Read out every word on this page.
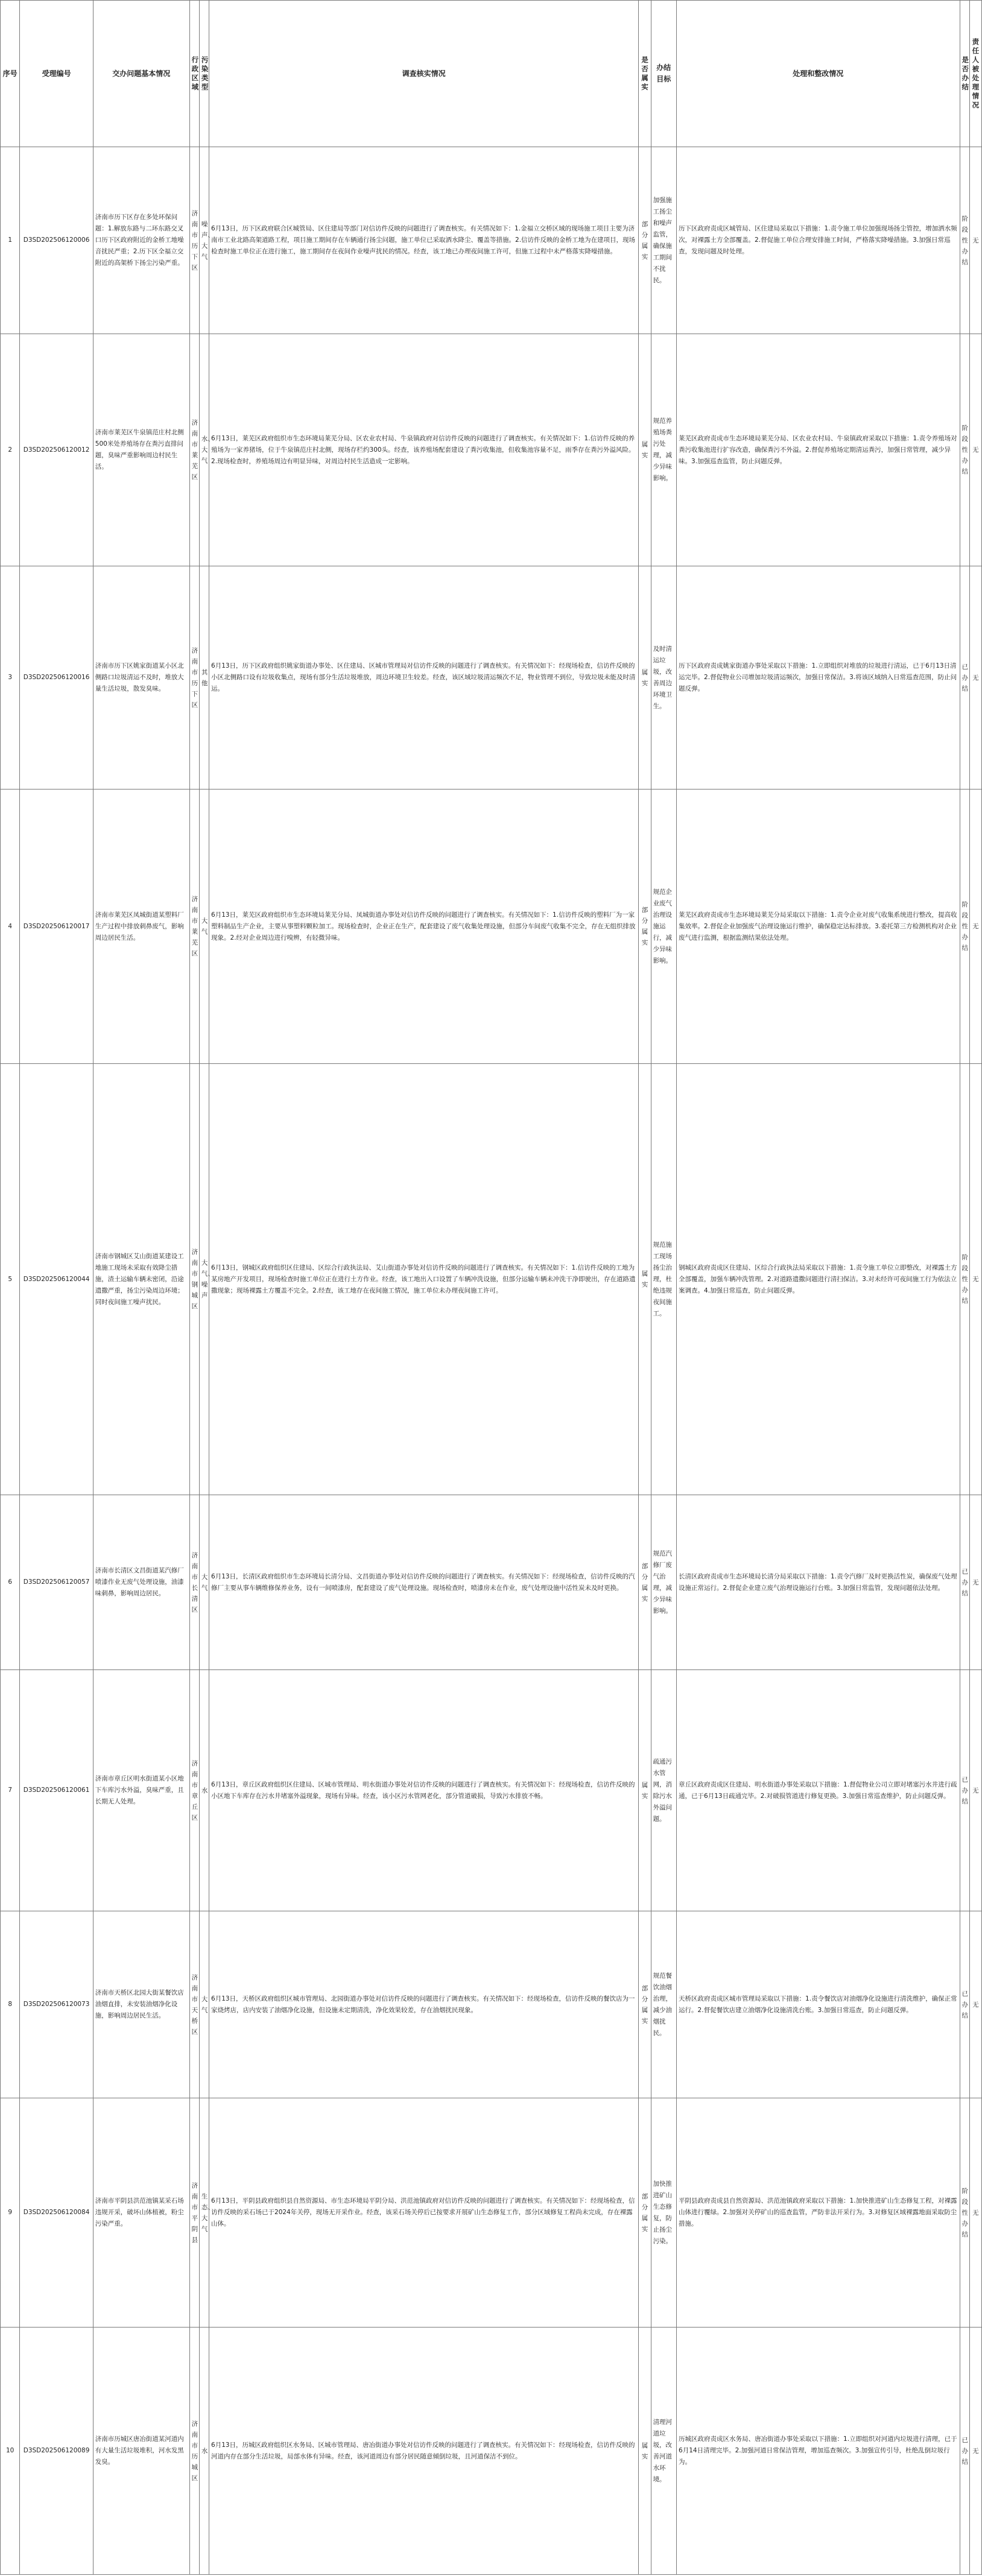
序号	受理编号	交办问题基本情况	行政区域	污染类型	调查核实情况	是否属实	办结目标	处理和整改情况	是否办结	责任人被处理情况
1	D3SD202506120006	济南市历下区存在多处环保问题：1.解放东路与二环东路交叉口历下区政府附近的金桥工地噪音扰民严重；2.历下区全福立交附近的高架桥下扬尘污染严重。	济南市历下区	噪声、大气	6月13日，历下区政府联合区城管局、区住建局等部门对信访件反映的问题进行了调查核实。有关情况如下：1.金福立交桥区域的现场施工项目主要为济南市工业北路高架道路工程，项目施工期间存在车辆通行扬尘问题，施工单位已采取洒水降尘、覆盖等措施。2.信访件反映的金桥工地为在建项目，现场检查时施工单位正在进行施工，施工期间存在夜间作业噪声扰民的情况。经查，该工地已办理夜间施工许可，但施工过程中未严格落实降噪措施。	部分属实	加强施工扬尘和噪声监管，确保施工期间不扰民。	历下区政府责成区城管局、区住建局采取以下措施：1.责令施工单位加强现场扬尘管控，增加洒水频次，对裸露土方全部覆盖。2.督促施工单位合理安排施工时间，严格落实降噪措施。3.加强日常巡查，发现问题及时处理。	阶段性办结	无
2	D3SD202506120012	济南市莱芜区牛泉镇范庄村北侧500米处养殖场存在粪污直排问题，臭味严重影响周边村民生活。	济南市莱芜区	水、大气	6月13日，莱芜区政府组织市生态环境局莱芜分局、区农业农村局、牛泉镇政府对信访件反映的问题进行了调查核实。有关情况如下：1.信访件反映的养殖场为一家养猪场，位于牛泉镇范庄村北侧，现场存栏约300头。经查，该养殖场配套建设了粪污收集池，但收集池容量不足，雨季存在粪污外溢风险。2.现场检查时，养殖场周边有明显异味，对周边村民生活造成一定影响。	属实	规范养殖场粪污处理，减少异味影响。	莱芜区政府责成市生态环境局莱芜分局、区农业农村局、牛泉镇政府采取以下措施：1.责令养殖场对粪污收集池进行扩容改造，确保粪污不外溢。2.督促养殖场定期清运粪污，加强日常管理，减少异味。3.加强巡查监管，防止问题反弹。	阶段性办结	无
3	D3SD202506120016	济南市历下区姚家街道某小区北侧路口垃圾清运不及时，堆放大量生活垃圾，散发臭味。	济南市历下区	其他	6月13日，历下区政府组织姚家街道办事处、区住建局、区城市管理局对信访件反映的问题进行了调查核实。有关情况如下：经现场检查，信访件反映的小区北侧路口设有垃圾收集点，现场有部分生活垃圾堆放，周边环境卫生较差。经查，该区域垃圾清运频次不足，物业管理不到位，导致垃圾未能及时清运。	属实	及时清运垃圾，改善周边环境卫生。	历下区政府责成姚家街道办事处采取以下措施：1.立即组织对堆放的垃圾进行清运，已于6月13日清运完毕。2.督促物业公司增加垃圾清运频次，加强日常保洁。3.将该区域纳入日常巡查范围，防止问题反弹。	已办结	无
4	D3SD202506120017	济南市莱芜区凤城街道某塑料厂生产过程中排放刺鼻废气，影响周边居民生活。	济南市莱芜区	大气	6月13日，莱芜区政府组织市生态环境局莱芜分局、凤城街道办事处对信访件反映的问题进行了调查核实。有关情况如下：1.信访件反映的塑料厂为一家塑料制品生产企业，主要从事塑料颗粒加工。现场检查时，企业正在生产，配套建设了废气收集处理设施，但部分车间废气收集不完全，存在无组织排放现象。2.经对企业周边进行嗅辨，有轻微异味。	部分属实	规范企业废气治理设施运行，减少异味影响。	莱芜区政府责成市生态环境局莱芜分局采取以下措施：1.责令企业对废气收集系统进行整改，提高收集效率。2.督促企业加强废气治理设施运行维护，确保稳定达标排放。3.委托第三方检测机构对企业废气进行监测，根据监测结果依法处理。	阶段性办结	无
5	D3SD202506120044	济南市钢城区艾山街道某建设工地施工现场未采取有效降尘措施，渣土运输车辆未密闭，沿途遗撒严重，扬尘污染周边环境；同时夜间施工噪声扰民。	济南市钢城区	大气、噪声	6月13日，钢城区政府组织区住建局、区综合行政执法局、艾山街道办事处对信访件反映的问题进行了调查核实。有关情况如下：1.信访件反映的工地为某房地产开发项目，现场检查时施工单位正在进行土方作业。经查，该工地出入口设置了车辆冲洗设施，但部分运输车辆未冲洗干净即驶出，存在道路遗撒现象；现场裸露土方覆盖不完全。2.经查，该工地存在夜间施工情况，施工单位未办理夜间施工许可。	属实	规范施工现场扬尘治理，杜绝违规夜间施工。	钢城区政府责成区住建局、区综合行政执法局采取以下措施：1.责令施工单位立即整改，对裸露土方全部覆盖，加强车辆冲洗管理。2.对道路遗撒问题进行清扫保洁。3.对未经许可夜间施工行为依法立案调查。4.加强日常巡查，防止问题反弹。	阶段性办结	无
6	D3SD202506120057	济南市长清区文昌街道某汽修厂喷漆作业无废气处理设施，油漆味刺鼻，影响周边居民。	济南市长清区	大气	6月13日，长清区政府组织市生态环境局长清分局、文昌街道办事处对信访件反映的问题进行了调查核实。有关情况如下：经现场检查，信访件反映的汽修厂主要从事车辆维修保养业务，设有一间喷漆房，配套建设了废气处理设施。现场检查时，喷漆房未在作业，废气处理设施中活性炭未及时更换。	部分属实	规范汽修厂废气治理，减少异味影响。	长清区政府责成市生态环境局长清分局采取以下措施：1.责令汽修厂及时更换活性炭，确保废气处理设施正常运行。2.督促企业建立废气治理设施运行台账。3.加强日常监管，发现问题依法处理。	已办结	无
7	D3SD202506120061	济南市章丘区明水街道某小区地下车库污水外溢，臭味严重，且长期无人处理。	济南市章丘区	水	6月13日，章丘区政府组织区住建局、区城市管理局、明水街道办事处对信访件反映的问题进行了调查核实。有关情况如下：经现场检查，信访件反映的小区地下车库存在污水井堵塞外溢现象，现场有异味。经查，该小区污水管网老化，部分管道破损，导致污水排放不畅。	属实	疏通污水管网，消除污水外溢问题。	章丘区政府责成区住建局、明水街道办事处采取以下措施：1.督促物业公司立即对堵塞污水井进行疏通，已于6月13日疏通完毕。2.对破损管道进行修复更换。3.加强日常巡查维护，防止问题反弹。	已办结	无
8	D3SD202506120073	济南市天桥区北园大街某餐饮店油烟直排，未安装油烟净化设施，影响周边居民生活。	济南市天桥区	大气	6月13日，天桥区政府组织区城市管理局、北园街道办事处对信访件反映的问题进行了调查核实。有关情况如下：经现场检查，信访件反映的餐饮店为一家烧烤店，店内安装了油烟净化设施，但设施未定期清洗，净化效果较差，存在油烟扰民现象。	部分属实	规范餐饮油烟治理，减少油烟扰民。	天桥区政府责成区城市管理局采取以下措施：1.责令餐饮店对油烟净化设施进行清洗维护，确保正常运行。2.督促餐饮店建立油烟净化设施清洗台账。3.加强日常巡查，防止问题反弹。	已办结	无
9	D3SD202506120084	济南市平阴县洪范池镇某采石场违规开采，破坏山体植被，粉尘污染严重。	济南市平阴县	生态、大气	6月13日，平阴县政府组织县自然资源局、市生态环境局平阴分局、洪范池镇政府对信访件反映的问题进行了调查核实。有关情况如下：经现场检查，信访件反映的采石场已于2024年关停，现场无开采作业。经查，该采石场关停后已按要求开展矿山生态修复工作，部分区域修复工程尚未完成，存在裸露山体。	部分属实	加快推进矿山生态修复，防止扬尘污染。	平阴县政府责成县自然资源局、洪范池镇政府采取以下措施：1.加快推进矿山生态修复工程，对裸露山体进行覆绿。2.加强对关停矿山的巡查监管，严防非法开采行为。3.对修复区域裸露地面采取防尘措施。	阶段性办结	无
10	D3SD202506120089	济南市历城区唐冶街道某河道内有大量生活垃圾堆积，河水发黑发臭。	济南市历城区	水	6月13日，历城区政府组织区水务局、区城市管理局、唐冶街道办事处对信访件反映的问题进行了调查核实。有关情况如下：经现场检查，信访件反映的河道内存在部分生活垃圾，局部水体有异味。经查，该河道周边有部分居民随意倾倒垃圾，且河道保洁不到位。	属实	清理河道垃圾，改善河道水环境。	历城区政府责成区水务局、唐冶街道办事处采取以下措施：1.立即组织对河道内垃圾进行清理，已于6月14日清理完毕。2.加强河道日常保洁管理，增加巡查频次。3.加强宣传引导，杜绝乱倒垃圾行为。	已办结	无
